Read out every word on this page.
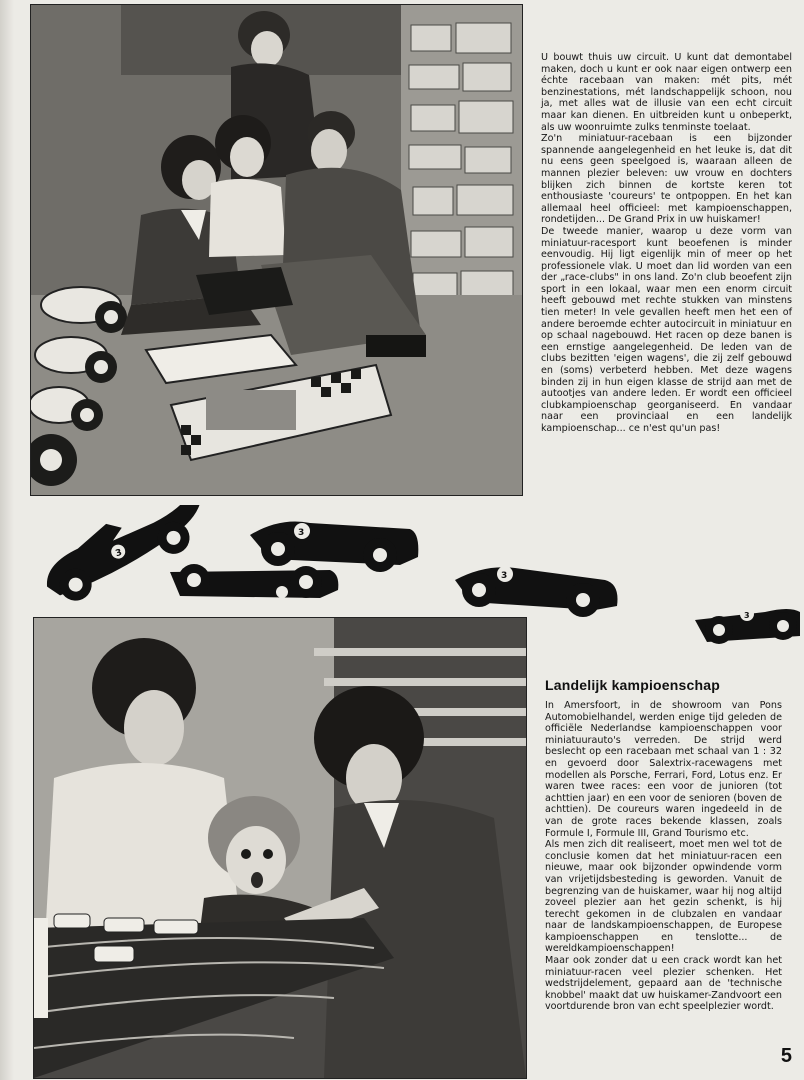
U bouwt thuis uw circuit. U kunt dat demontabel maken, doch u kunt er ook naar eigen ontwerp een échte racebaan van maken: mét pits, mét benzinestations, mét landschappelijk schoon, nou ja, met alles wat de illusie van een echt circuit maar kan dienen. En uitbreiden kunt u onbeperkt, als uw woonruimte zulks tenminste toelaat.

Zo'n miniatuur-racebaan is een bijzonder spannende aangelegenheid en het leuke is, dat dit nu eens geen speelgoed is, waaraan alleen de mannen plezier beleven: uw vrouw en dochters blijken zich binnen de kortste keren tot enthousiaste 'coureurs' te ontpoppen. En het kan allemaal heel officieel: met kampioenschappen, rondetijden... De Grand Prix in uw huiskamer!

De tweede manier, waarop u deze vorm van miniatuur-racesport kunt beoefenen is minder eenvoudig. Hij ligt eigenlijk min of meer op het professionele vlak. U moet dan lid worden van een der „race-clubs" in ons land. Zo'n club beoefent zijn sport in een lokaal, waar men een enorm circuit heeft gebouwd met rechte stukken van minstens tien meter! In vele gevallen heeft men het een of andere beroemde echter autocircuit in miniatuur en op schaal nagebouwd. Het racen op deze banen is een ernstige aangelegenheid. De leden van de clubs bezitten 'eigen wagens', die zij zelf gebouwd en (soms) verbeterd hebben. Met deze wagens binden zij in hun eigen klasse de strijd aan met de autootjes van andere leden. Er wordt een officieel clubkampioenschap georganiseerd. En vandaar naar een provinciaal en een landelijk kampioenschap... ce n'est qu'un pas!

3
3
3
3
Landelijk kampioenschap

In Amersfoort, in de showroom van Pons Automobielhandel, werden enige tijd geleden de officiële Nederlandse kampioenschappen voor miniatuurauto's verreden. De strijd werd beslecht op een racebaan met schaal van 1 : 32 en gevoerd door Salextrix-racewagens met modellen als Porsche, Ferrari, Ford, Lotus enz. Er waren twee races: een voor de junioren (tot achttien jaar) en een voor de senioren (boven de achttien). De coureurs waren ingedeeld in de van de grote races bekende klassen, zoals Formule I, Formule III, Grand Tourismo etc.

Als men zich dit realiseert, moet men wel tot de conclusie komen dat het miniatuur-racen een nieuwe, maar ook bijzonder opwindende vorm van vrijetijdsbesteding is geworden. Vanuit de begrenzing van de huiskamer, waar hij nog altijd zoveel plezier aan het gezin schenkt, is hij terecht gekomen in de clubzalen en vandaar naar de landskampioenschappen, de Europese kampioenschappen en tenslotte... de wereldkampioenschappen!

Maar ook zonder dat u een crack wordt kan het miniatuur-racen veel plezier schenken. Het wedstrijdelement, gepaard aan de 'technische knobbel' maakt dat uw huiskamer-Zandvoort een voortdurende bron van echt speelplezier wordt.

5
